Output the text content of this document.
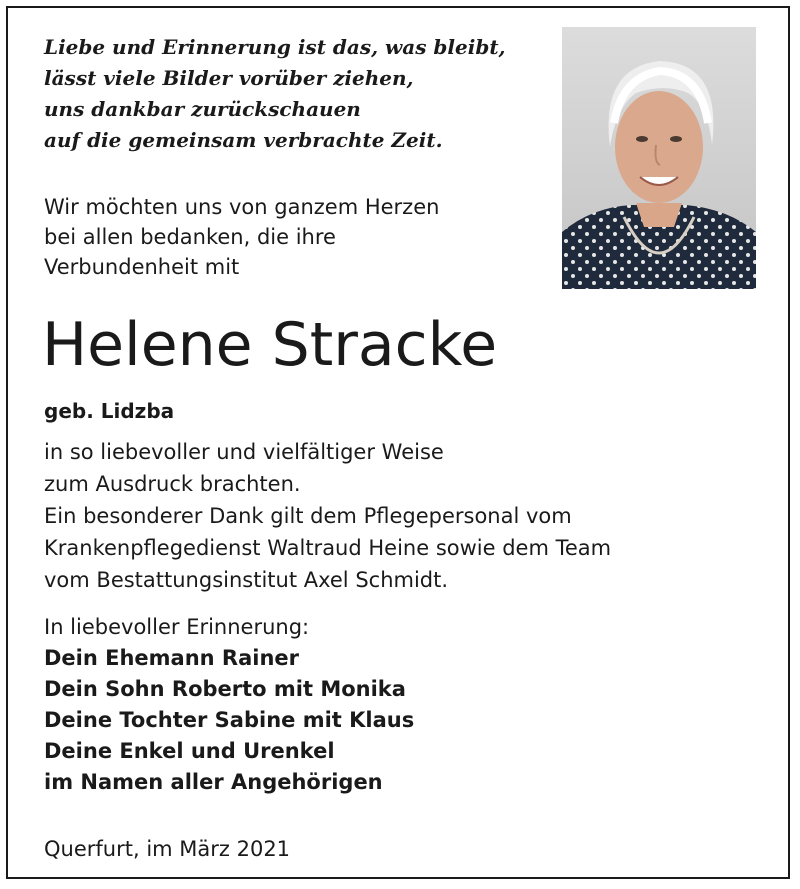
Liebe und Erinnerung ist das, was bleibt,
lässt viele Bilder vorüber ziehen,
uns dankbar zurückschauen
auf die gemeinsam verbrachte Zeit.
Wir möchten uns von ganzem Herzen
bei allen bedanken, die ihre
Verbundenheit mit
Helene Stracke
geb. Lidzba
in so liebevoller und vielfältiger Weise
zum Ausdruck brachten.
Ein besonderer Dank gilt dem Pflegepersonal vom
Krankenpflegedienst Waltraud Heine sowie dem Team
vom Bestattungsinstitut Axel Schmidt.
In liebevoller Erinnerung:
Dein Ehemann Rainer
Dein Sohn Roberto mit Monika
Deine Tochter Sabine mit Klaus
Deine Enkel und Urenkel
im Namen aller Angehörigen
Querfurt, im März 2021
